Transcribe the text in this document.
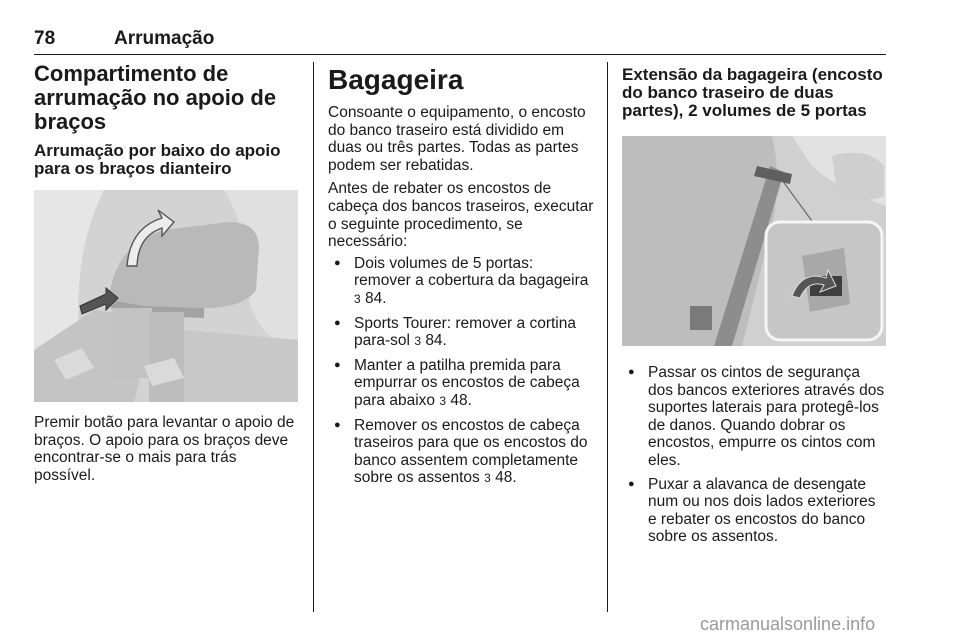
78	Arrumação
Compartimento de arrumação no apoio de braços
Arrumação por baixo do apoio para os braços dianteiro

Premir botão para levantar o apoio de braços. O apoio para os braços deve encontrar-se o mais para trás possível.

Bagageira

Consoante o equipamento, o encosto do banco traseiro está dividido em duas ou três partes. Todas as partes podem ser rebatidas.

Antes de rebater os encostos de cabeça dos bancos traseiros, executar o seguinte procedimento, se necessário:

● Dois volumes de 5 portas: remover a cobertura da bagageira 3 84.
● Sports Tourer: remover a cortina para-sol 3 84.
● Manter a patilha premida para empurrar os encostos de cabeça para abaixo 3 48.
● Remover os encostos de cabeça traseiros para que os encostos do banco assentem completamente sobre os assentos 3 48.
Extensão da bagageira (encosto do banco traseiro de duas partes), 2 volumes de 5 portas
● Passar os cintos de segurança dos bancos exteriores através dos suportes laterais para protegê-los de danos. Quando dobrar os encostos, empurre os cintos com eles.
● Puxar a alavanca de desengate num ou nos dois lados exteriores e rebater os encostos do banco sobre os assentos.
carmanualsonline.info
